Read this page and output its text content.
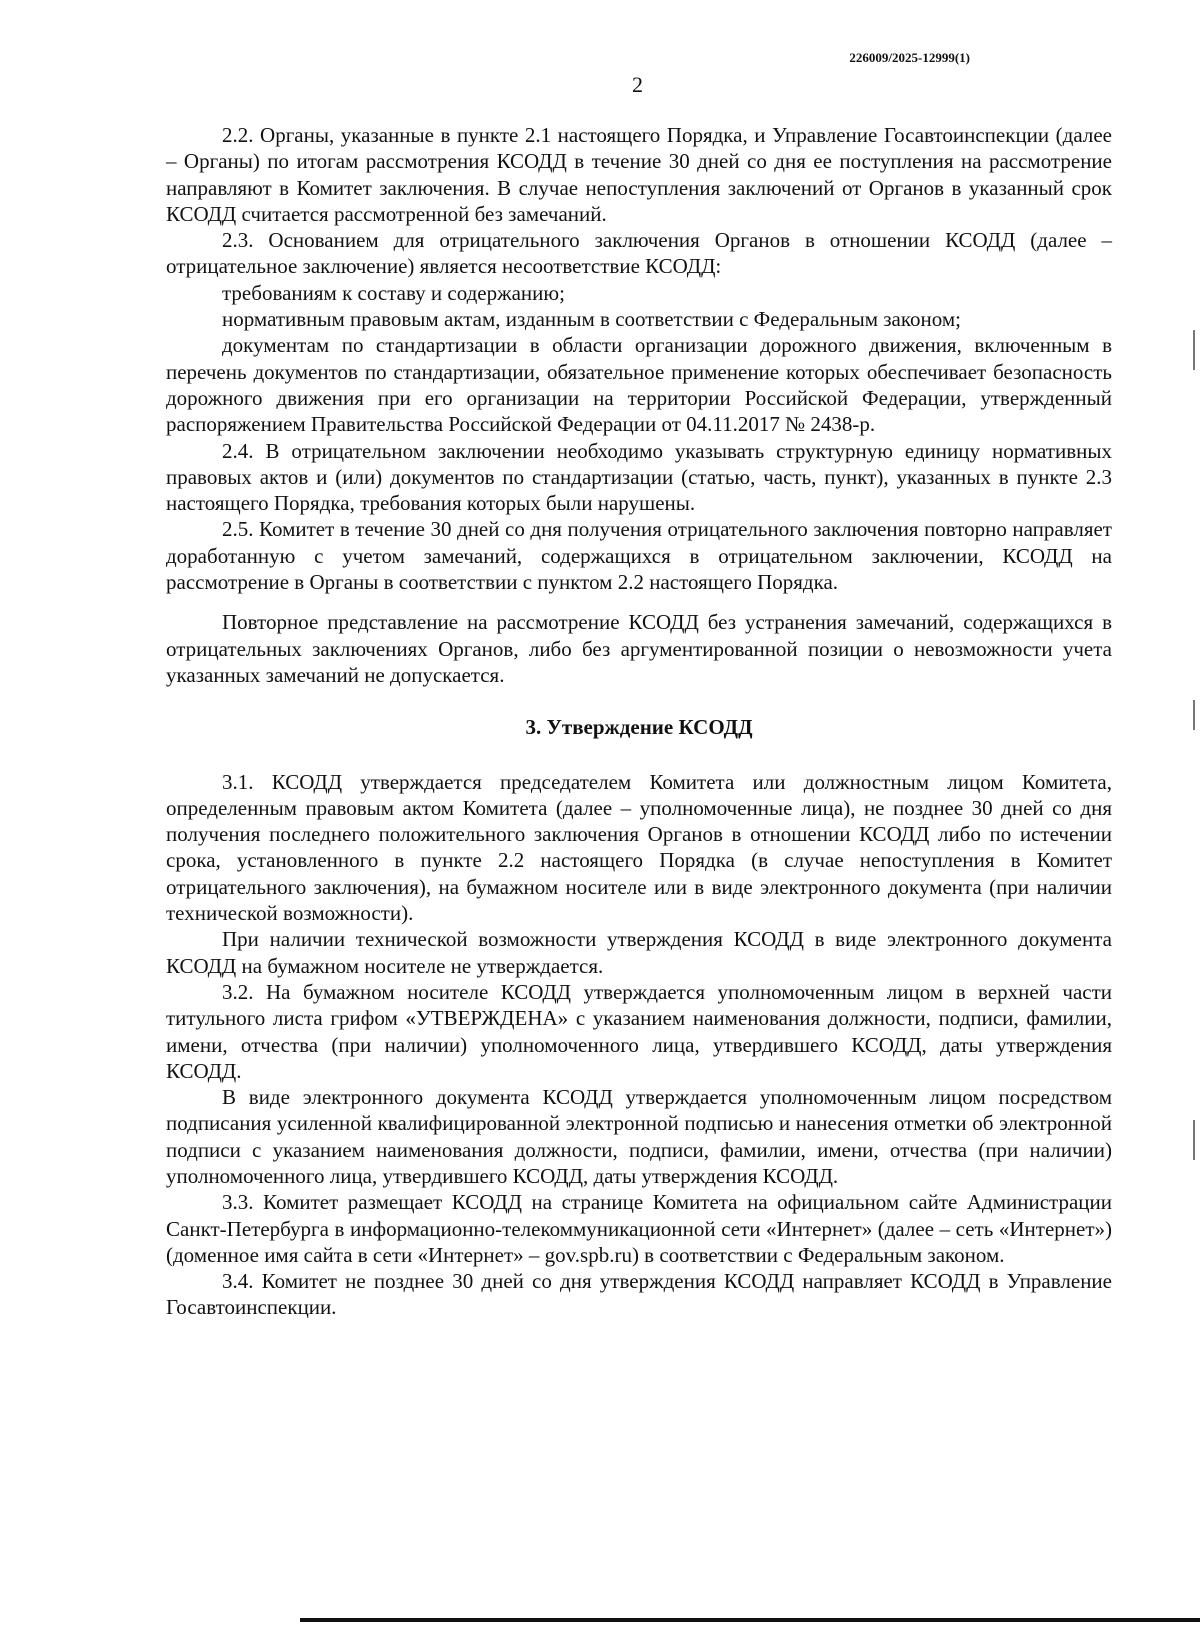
226009/2025-12999(1)
2

2.2. Органы, указанные в пункте 2.1 настоящего Порядка, и Управление Госавтоинспекции (далее – Органы) по итогам рассмотрения КСОДД в течение 30 дней со дня ее поступления на рассмотрение направляют в Комитет заключения. В случае непоступления заключений от Органов в указанный срок КСОДД считается рассмотренной без замечаний.

2.3. Основанием для отрицательного заключения Органов в отношении КСОДД (далее – отрицательное заключение) является несоответствие КСОДД:

требованиям к составу и содержанию;

нормативным правовым актам, изданным в соответствии с Федеральным законом;

документам по стандартизации в области организации дорожного движения, включенным в перечень документов по стандартизации, обязательное применение которых обеспечивает безопасность дорожного движения при его организации на территории Российской Федерации, утвержденный распоряжением Правительства Российской Федерации от 04.11.2017 № 2438-р.

2.4. В отрицательном заключении необходимо указывать структурную единицу нормативных правовых актов и (или) документов по стандартизации (статью, часть, пункт), указанных в пункте 2.3 настоящего Порядка, требования которых были нарушены.

2.5. Комитет в течение 30 дней со дня получения отрицательного заключения повторно направляет доработанную с учетом замечаний, содержащихся в отрицательном заключении, КСОДД на рассмотрение в Органы в соответствии с пунктом 2.2 настоящего Порядка.

Повторное представление на рассмотрение КСОДД без устранения замечаний, содержащихся в отрицательных заключениях Органов, либо без аргументированной позиции о невозможности учета указанных замечаний не допускается.

3. Утверждение КСОДД

3.1. КСОДД утверждается председателем Комитета или должностным лицом Комитета, определенным правовым актом Комитета (далее – уполномоченные лица), не позднее 30 дней со дня получения последнего положительного заключения Органов в отношении КСОДД либо по истечении срока, установленного в пункте 2.2 настоящего Порядка (в случае непоступления в Комитет отрицательного заключения), на бумажном носителе или в виде электронного документа (при наличии технической возможности).

При наличии технической возможности утверждения КСОДД в виде электронного документа КСОДД на бумажном носителе не утверждается.

3.2. На бумажном носителе КСОДД утверждается уполномоченным лицом в верхней части титульного листа грифом «УТВЕРЖДЕНА» с указанием наименования должности, подписи, фамилии, имени, отчества (при наличии) уполномоченного лица, утвердившего КСОДД, даты утверждения КСОДД.

В виде электронного документа КСОДД утверждается уполномоченным лицом посредством подписания усиленной квалифицированной электронной подписью и нанесения отметки об электронной подписи с указанием наименования должности, подписи, фамилии, имени, отчества (при наличии) уполномоченного лица, утвердившего КСОДД, даты утверждения КСОДД.

3.3. Комитет размещает КСОДД на странице Комитета на официальном сайте Администрации Санкт-Петербурга в информационно-телекоммуникационной сети «Интернет» (далее – сеть «Интернет») (доменное имя сайта в сети «Интернет» – gov.spb.ru) в соответствии с Федеральным законом.

3.4. Комитет не позднее 30 дней со дня утверждения КСОДД направляет КСОДД в Управление Госавтоинспекции.
